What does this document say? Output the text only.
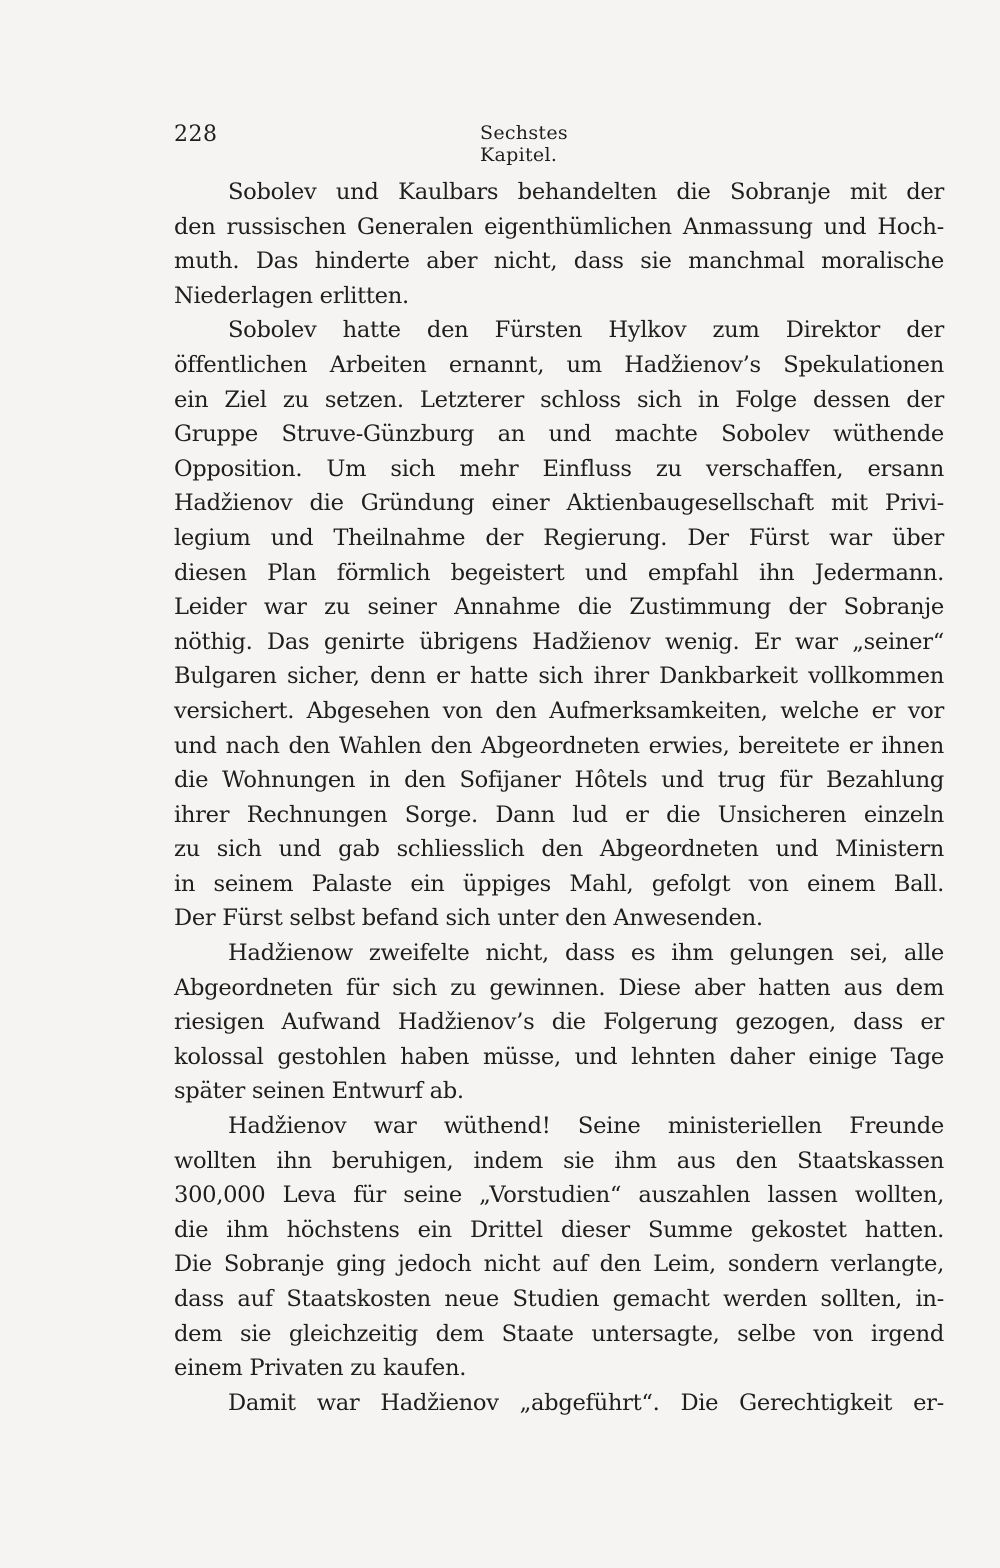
228	Sechstes Kapitel.
Sobolev und Kaulbars behandelten die Sobranje mit der
den russischen Generalen eigenthümlichen Anmassung und Hoch-
muth. Das hinderte aber nicht, dass sie manchmal moralische
Niederlagen erlitten.
Sobolev hatte den Fürsten Hylkov zum Direktor der
öffentlichen Arbeiten ernannt, um Hadžienov’s Spekulationen
ein Ziel zu setzen. Letzterer schloss sich in Folge dessen der
Gruppe Struve-Günzburg an und machte Sobolev wüthende
Opposition. Um sich mehr Einfluss zu verschaffen, ersann
Hadžienov die Gründung einer Aktienbaugesellschaft mit Privi-
legium und Theilnahme der Regierung. Der Fürst war über
diesen Plan förmlich begeistert und empfahl ihn Jedermann.
Leider war zu seiner Annahme die Zustimmung der Sobranje
nöthig. Das genirte übrigens Hadžienov wenig. Er war „seiner“
Bulgaren sicher, denn er hatte sich ihrer Dankbarkeit vollkommen
versichert. Abgesehen von den Aufmerksamkeiten, welche er vor
und nach den Wahlen den Abgeordneten erwies, bereitete er ihnen
die Wohnungen in den Sofijaner Hôtels und trug für Bezahlung
ihrer Rechnungen Sorge. Dann lud er die Unsicheren einzeln
zu sich und gab schliesslich den Abgeordneten und Ministern
in seinem Palaste ein üppiges Mahl, gefolgt von einem Ball.
Der Fürst selbst befand sich unter den Anwesenden.
Hadžienow zweifelte nicht, dass es ihm gelungen sei, alle
Abgeordneten für sich zu gewinnen. Diese aber hatten aus dem
riesigen Aufwand Hadžienov’s die Folgerung gezogen, dass er
kolossal gestohlen haben müsse, und lehnten daher einige Tage
später seinen Entwurf ab.
Hadžienov war wüthend! Seine ministeriellen Freunde
wollten ihn beruhigen, indem sie ihm aus den Staatskassen
300,000 Leva für seine „Vorstudien“ auszahlen lassen wollten,
die ihm höchstens ein Drittel dieser Summe gekostet hatten.
Die Sobranje ging jedoch nicht auf den Leim, sondern verlangte,
dass auf Staatskosten neue Studien gemacht werden sollten, in-
dem sie gleichzeitig dem Staate untersagte, selbe von irgend
einem Privaten zu kaufen.
Damit war Hadžienov „abgeführt“. Die Gerechtigkeit er-
